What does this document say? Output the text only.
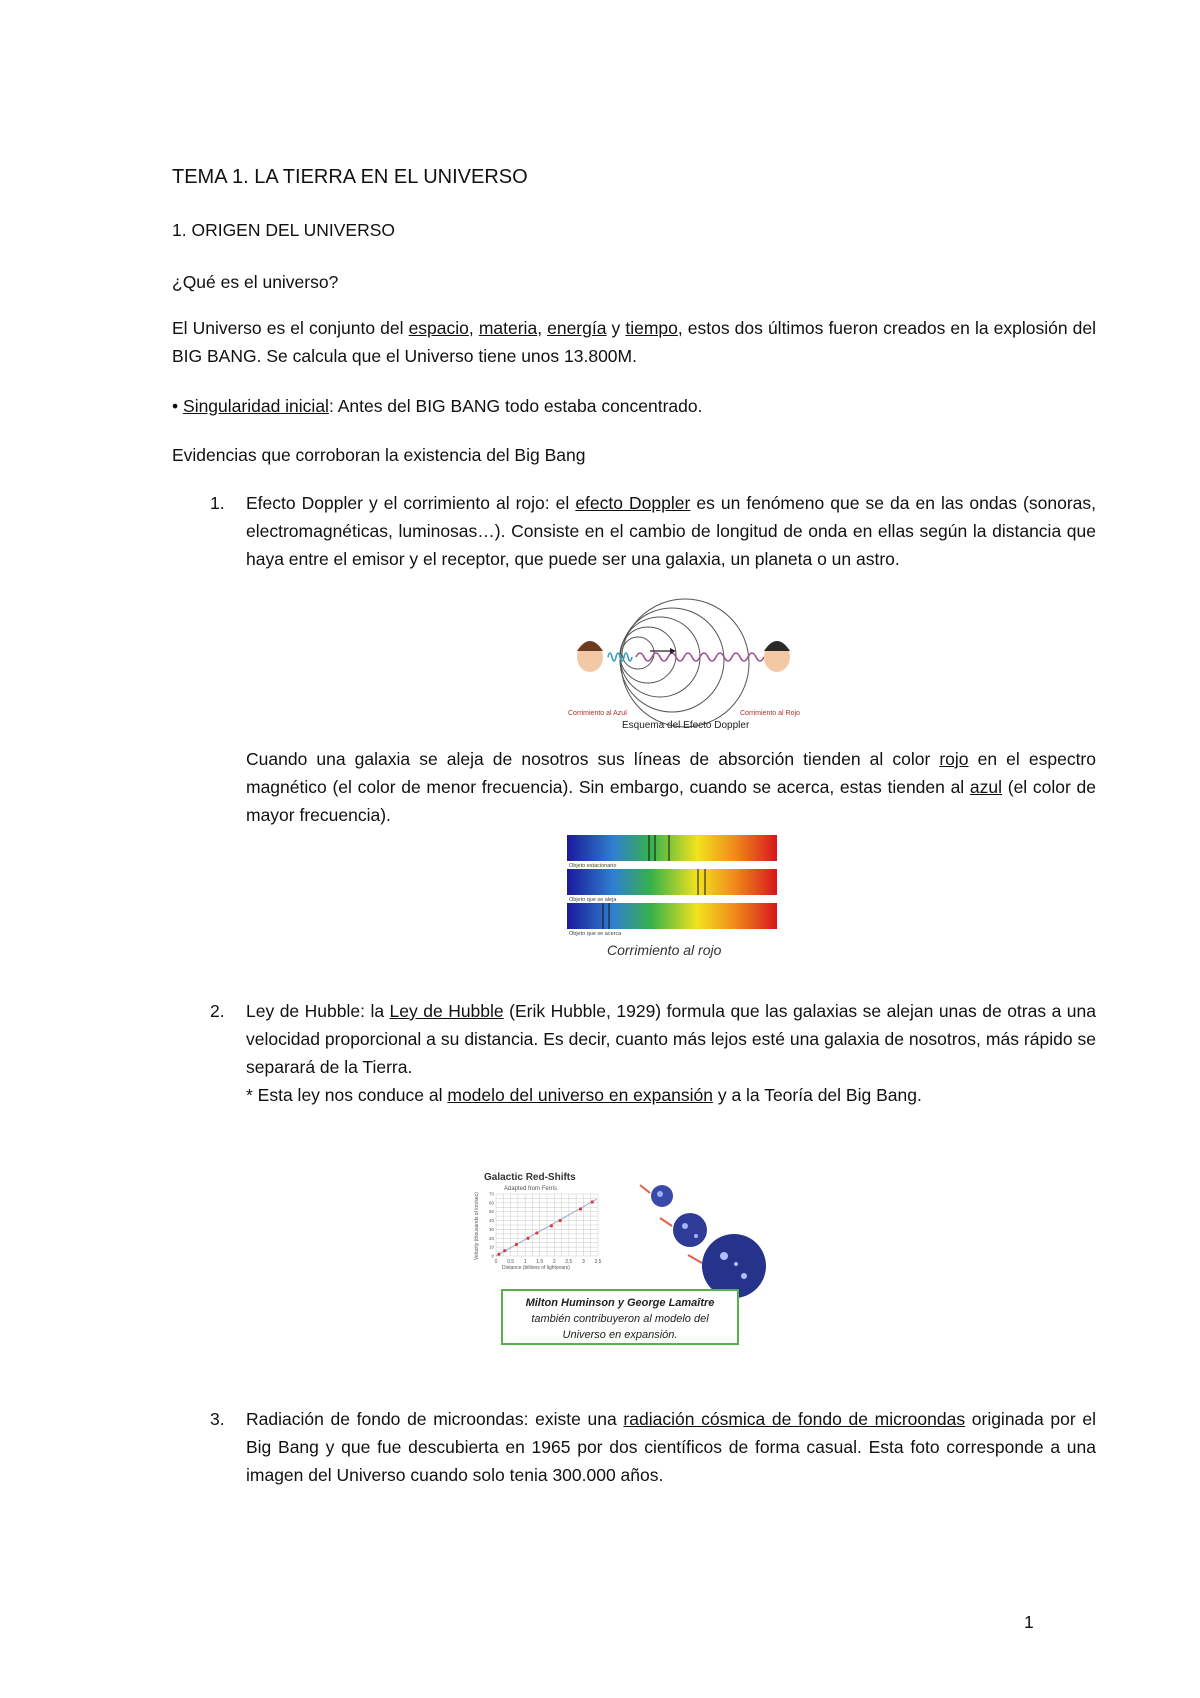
TEMA 1. LA TIERRA EN EL UNIVERSO
1. ORIGEN DEL UNIVERSO
¿Qué es el universo?
El Universo es el conjunto del espacio, materia, energía y tiempo, estos dos últimos fueron creados en la explosión del BIG BANG. Se calcula que el Universo tiene unos 13.800M.
• Singularidad inicial: Antes del BIG BANG todo estaba concentrado.
Evidencias que corroboran la existencia del Big Bang
1. Efecto Doppler y el corrimiento al rojo: el efecto Doppler es un fenómeno que se da en las ondas (sonoras, electromagnéticas, luminosas…). Consiste en el cambio de longitud de onda en ellas según la distancia que haya entre el emisor y el receptor, que puede ser una galaxia, un planeta o un astro.
Corrimiento al Azul	Corrimiento al Rojo
Esquema del Efecto Doppler
Cuando una galaxia se aleja de nosotros sus líneas de absorción tienden al color rojo en el espectro magnético (el color de menor frecuencia). Sin embargo, cuando se acerca, estas tienden al azul (el color de mayor frecuencia).
Objeto estacionario
Objeto que se aleja
Objeto que se acerca
Corrimiento al rojo
2. Ley de Hubble: la Ley de Hubble (Erik Hubble, 1929) formula que las galaxias se alejan unas de otras a una velocidad proporcional a su distancia. Es decir, cuanto más lejos esté una galaxia de nosotros, más rápido se separará de la Tierra.
* Esta ley nos conduce al modelo del universo en expansión y a la Teoría del Big Bang.
Galactic Red-Shifts
Adapted from Ferris
0 0.5 1 1.5 2 2.5 3 3.5
0
10
20
30
40
50
60
70
Distance (billions of lightyears)
Velocity (thousands of km/sec)
Milton Huminson y George Lamaître
también contribuyeron al modelo del
Universo en expansión.
3. Radiación de fondo de microondas: existe una radiación cósmica de fondo de microondas originada por el Big Bang y que fue descubierta en 1965 por dos científicos de forma casual. Esta foto corresponde a una imagen del Universo cuando solo tenia 300.000 años.
1
